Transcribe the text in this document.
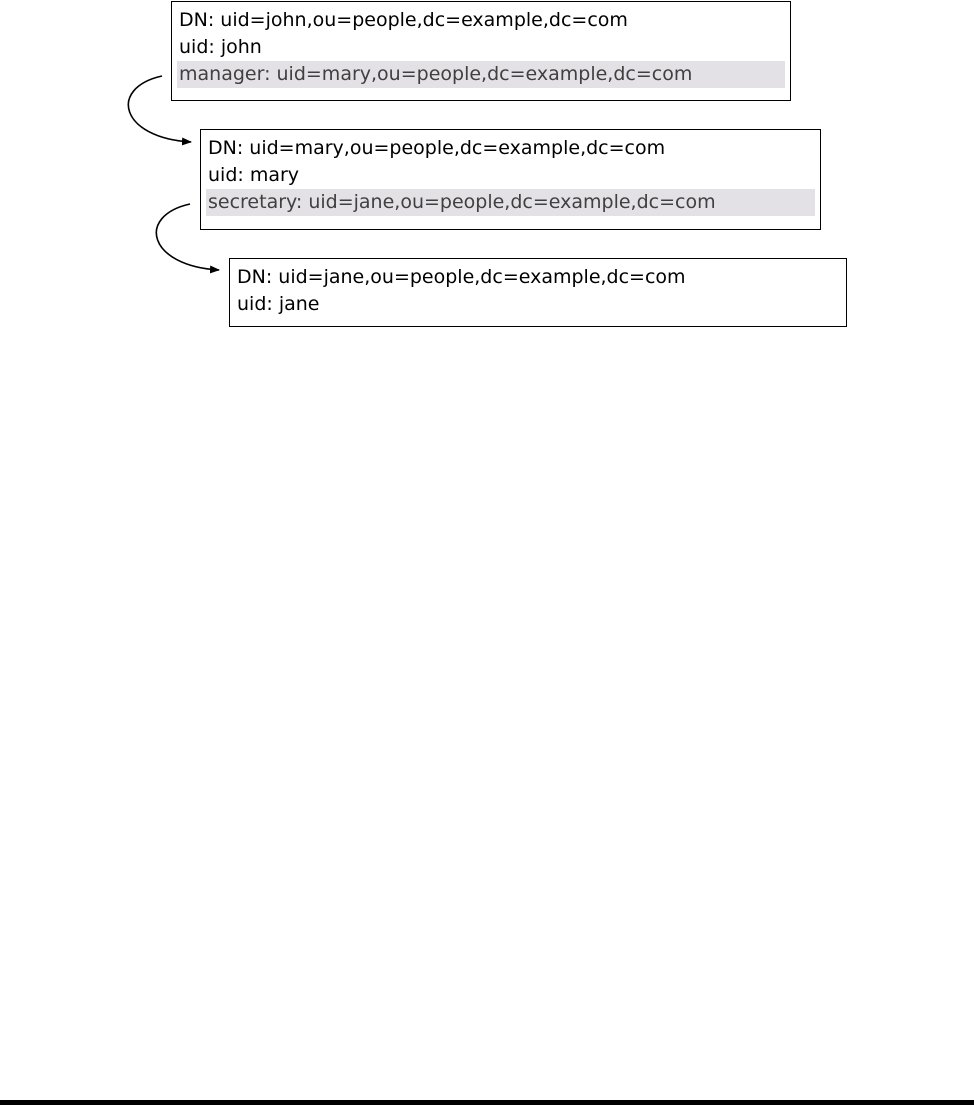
DN: uid=john,ou=people,dc=example,dc=com
uid: john
manager: uid=mary,ou=people,dc=example,dc=com
DN: uid=mary,ou=people,dc=example,dc=com
uid: mary
secretary: uid=jane,ou=people,dc=example,dc=com
DN: uid=jane,ou=people,dc=example,dc=com
uid: jane
